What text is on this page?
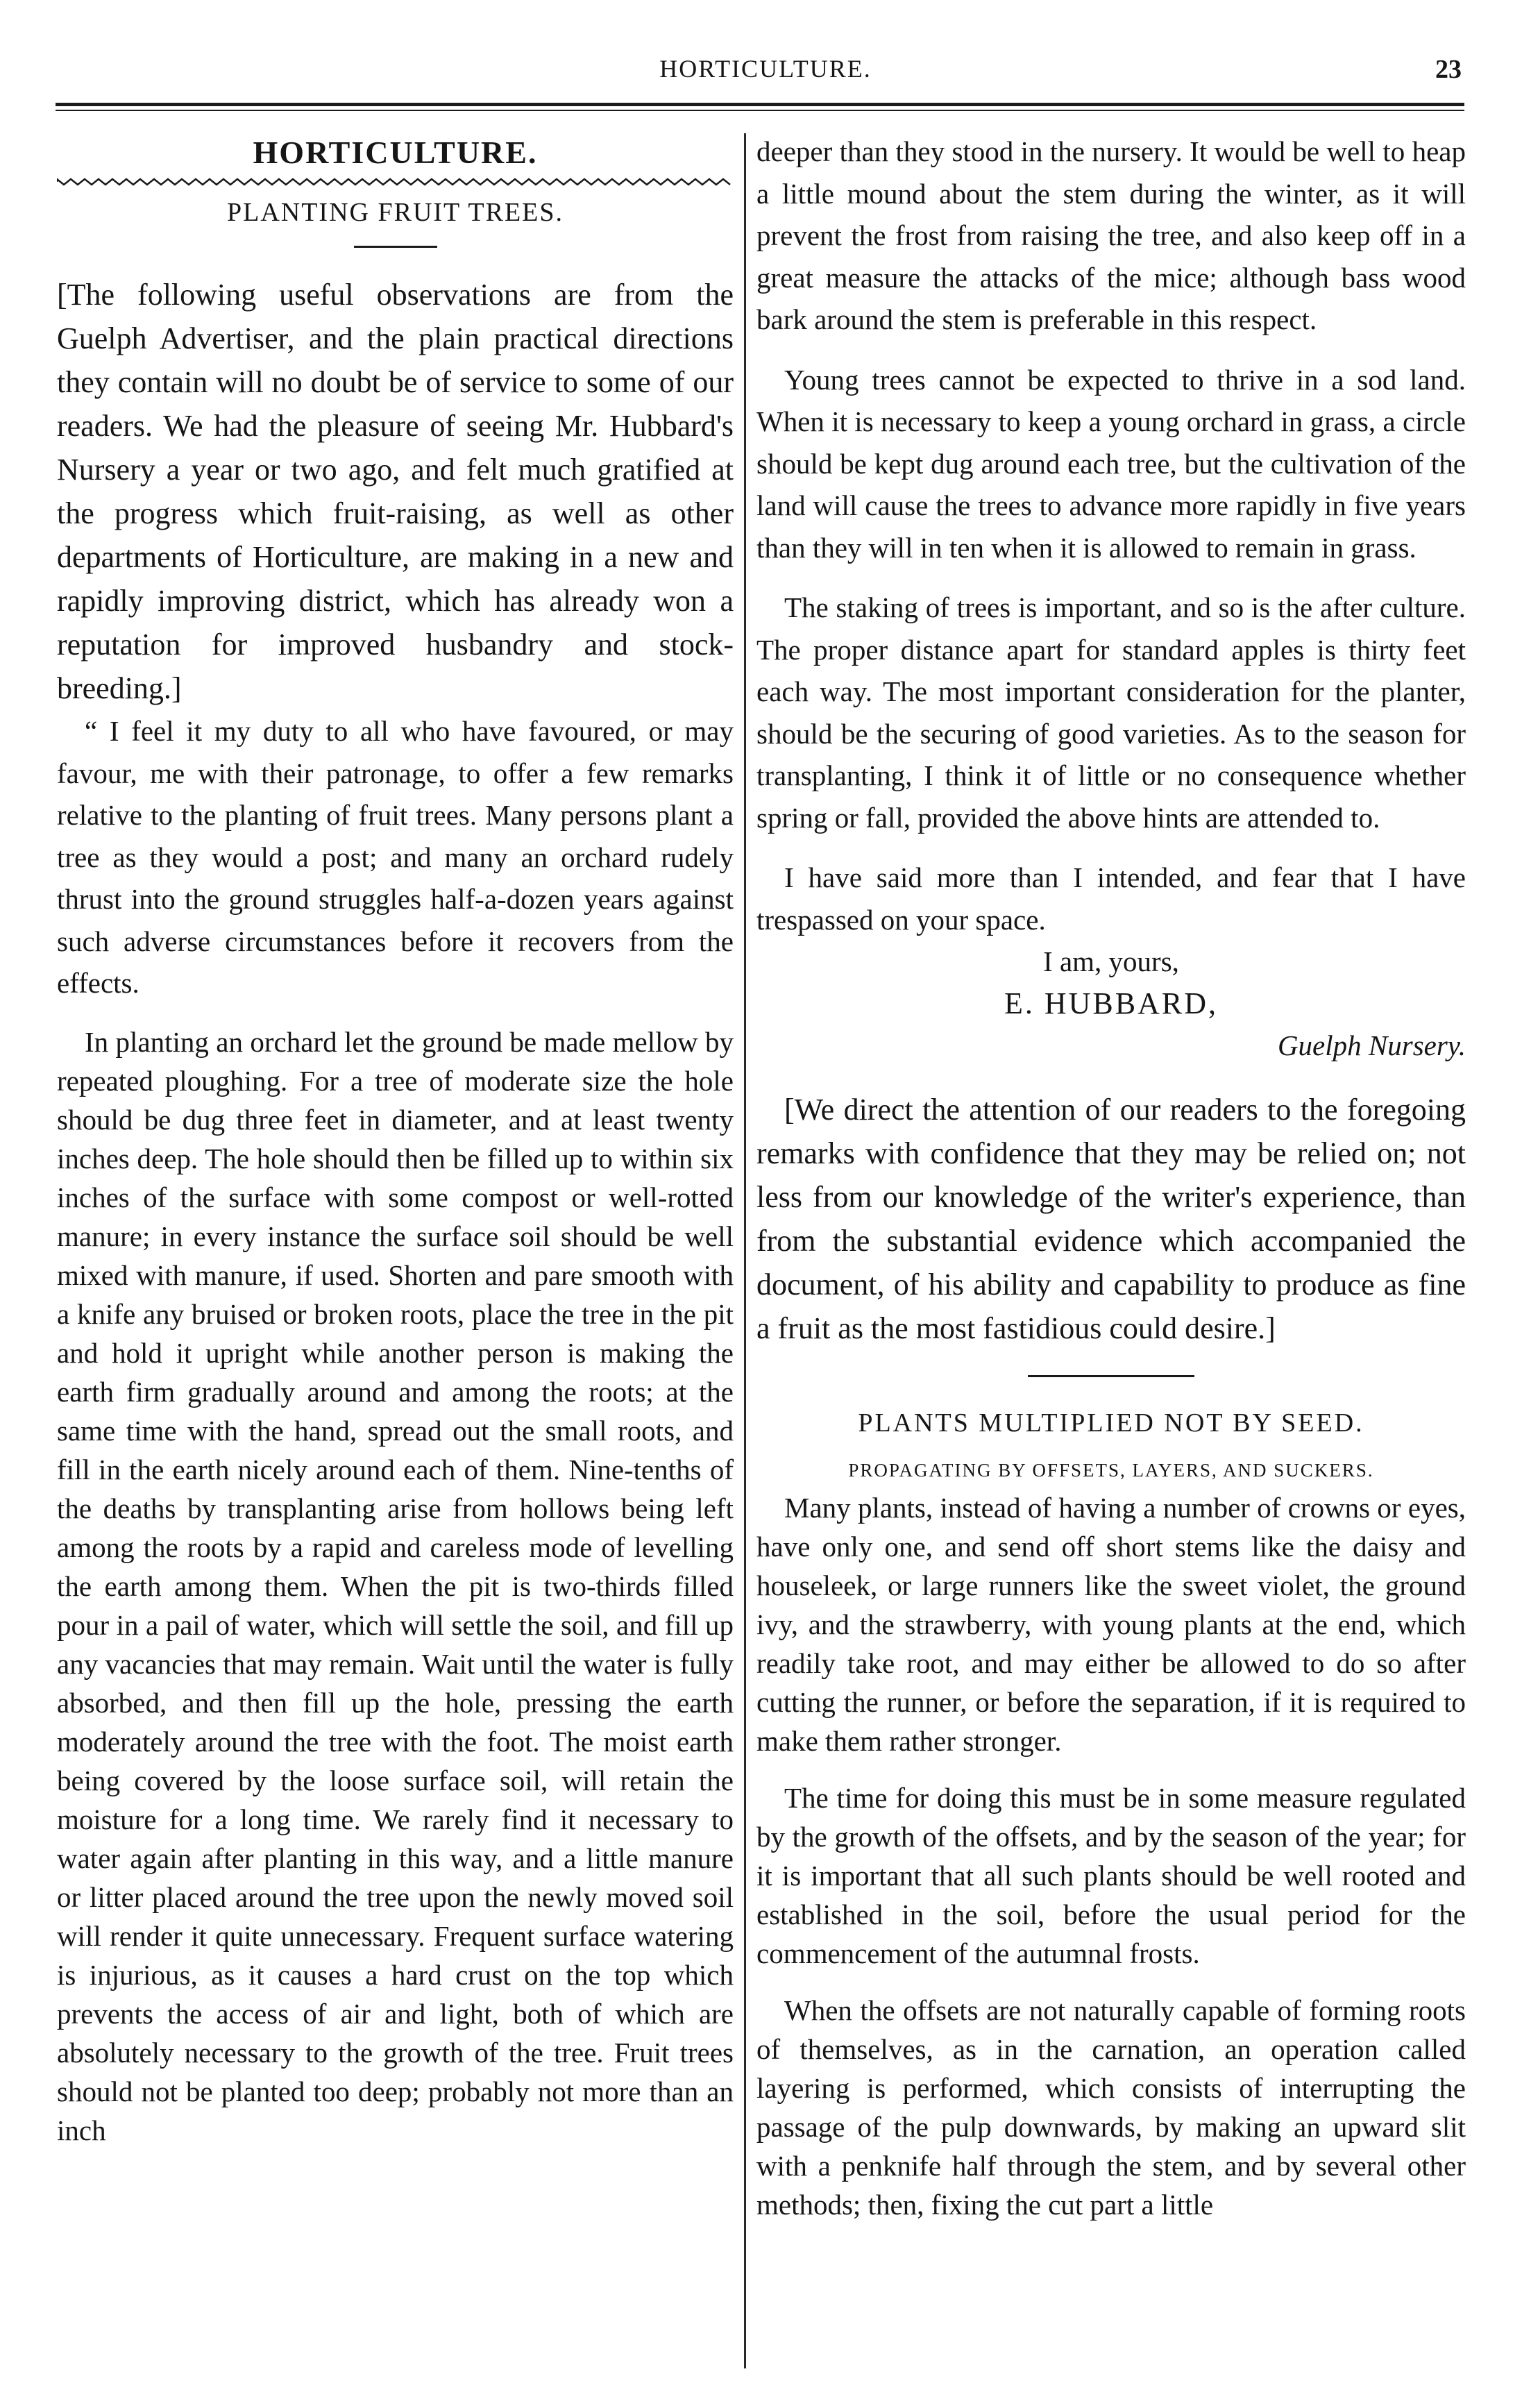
HORTICULTURE.	23
HORTICULTURE.
PLANTING FRUIT TREES.

[The following useful observations are from the Guelph Advertiser, and the plain practical directions they contain will no doubt be of service to some of our readers. We had the pleasure of seeing Mr. Hubbard's Nursery a year or two ago, and felt much gratified at the progress which fruit-raising, as well as other departments of Horticulture, are making in a new and rapidly improving district, which has already won a reputation for improved husbandry and stock-breeding.]

“ I feel it my duty to all who have favoured, or may favour, me with their patronage, to offer a few remarks relative to the planting of fruit trees. Many persons plant a tree as they would a post; and many an orchard rudely thrust into the ground struggles half-a-dozen years against such adverse circumstances before it recovers from the effects.

In planting an orchard let the ground be made mellow by repeated ploughing. For a tree of moderate size the hole should be dug three feet in diameter, and at least twenty inches deep. The hole should then be filled up to within six inches of the surface with some compost or well-rotted manure; in every instance the surface soil should be well mixed with manure, if used. Shorten and pare smooth with a knife any bruised or broken roots, place the tree in the pit and hold it upright while another person is making the earth firm gradually around and among the roots; at the same time with the hand, spread out the small roots, and fill in the earth nicely around each of them. Nine-tenths of the deaths by transplanting arise from hollows being left among the roots by a rapid and careless mode of levelling the earth among them. When the pit is two-thirds filled pour in a pail of water, which will settle the soil, and fill up any vacancies that may remain. Wait until the water is fully absorbed, and then fill up the hole, pressing the earth moderately around the tree with the foot. The moist earth being covered by the loose surface soil, will retain the moisture for a long time. We rarely find it necessary to water again after planting in this way, and a little manure or litter placed around the tree upon the newly moved soil will render it quite unnecessary. Frequent surface watering is injurious, as it causes a hard crust on the top which prevents the access of air and light, both of which are absolutely necessary to the growth of the tree. Fruit trees should not be planted too deep; probably not more than an inch

deeper than they stood in the nursery. It would be well to heap a little mound about the stem during the winter, as it will prevent the frost from raising the tree, and also keep off in a great measure the attacks of the mice; although bass wood bark around the stem is preferable in this respect.

Young trees cannot be expected to thrive in a sod land. When it is necessary to keep a young orchard in grass, a circle should be kept dug around each tree, but the cultivation of the land will cause the trees to advance more rapidly in five years than they will in ten when it is allowed to remain in grass.

The staking of trees is important, and so is the after culture. The proper distance apart for standard apples is thirty feet each way. The most important consideration for the planter, should be the securing of good varieties. As to the season for transplanting, I think it of little or no consequence whether spring or fall, provided the above hints are attended to.

I have said more than I intended, and fear that I have trespassed on your space.

I am, yours,

E. HUBBARD,

Guelph Nursery.

[We direct the attention of our readers to the foregoing remarks with confidence that they may be relied on; not less from our knowledge of the writer's experience, than from the substantial evidence which accompanied the document, of his ability and capability to produce as fine a fruit as the most fastidious could desire.]

PLANTS MULTIPLIED NOT BY SEED.
PROPAGATING BY OFFSETS, LAYERS, AND SUCKERS.

Many plants, instead of having a number of crowns or eyes, have only one, and send off short stems like the daisy and houseleek, or large runners like the sweet violet, the ground ivy, and the strawberry, with young plants at the end, which readily take root, and may either be allowed to do so after cutting the runner, or before the separation, if it is required to make them rather stronger.

The time for doing this must be in some measure regulated by the growth of the offsets, and by the season of the year; for it is important that all such plants should be well rooted and established in the soil, before the usual period for the commencement of the autumnal frosts.

When the offsets are not naturally capable of forming roots of themselves, as in the carnation, an operation called layering is performed, which consists of interrupting the passage of the pulp downwards, by making an upward slit with a penknife half through the stem, and by several other methods; then, fixing the cut part a little
